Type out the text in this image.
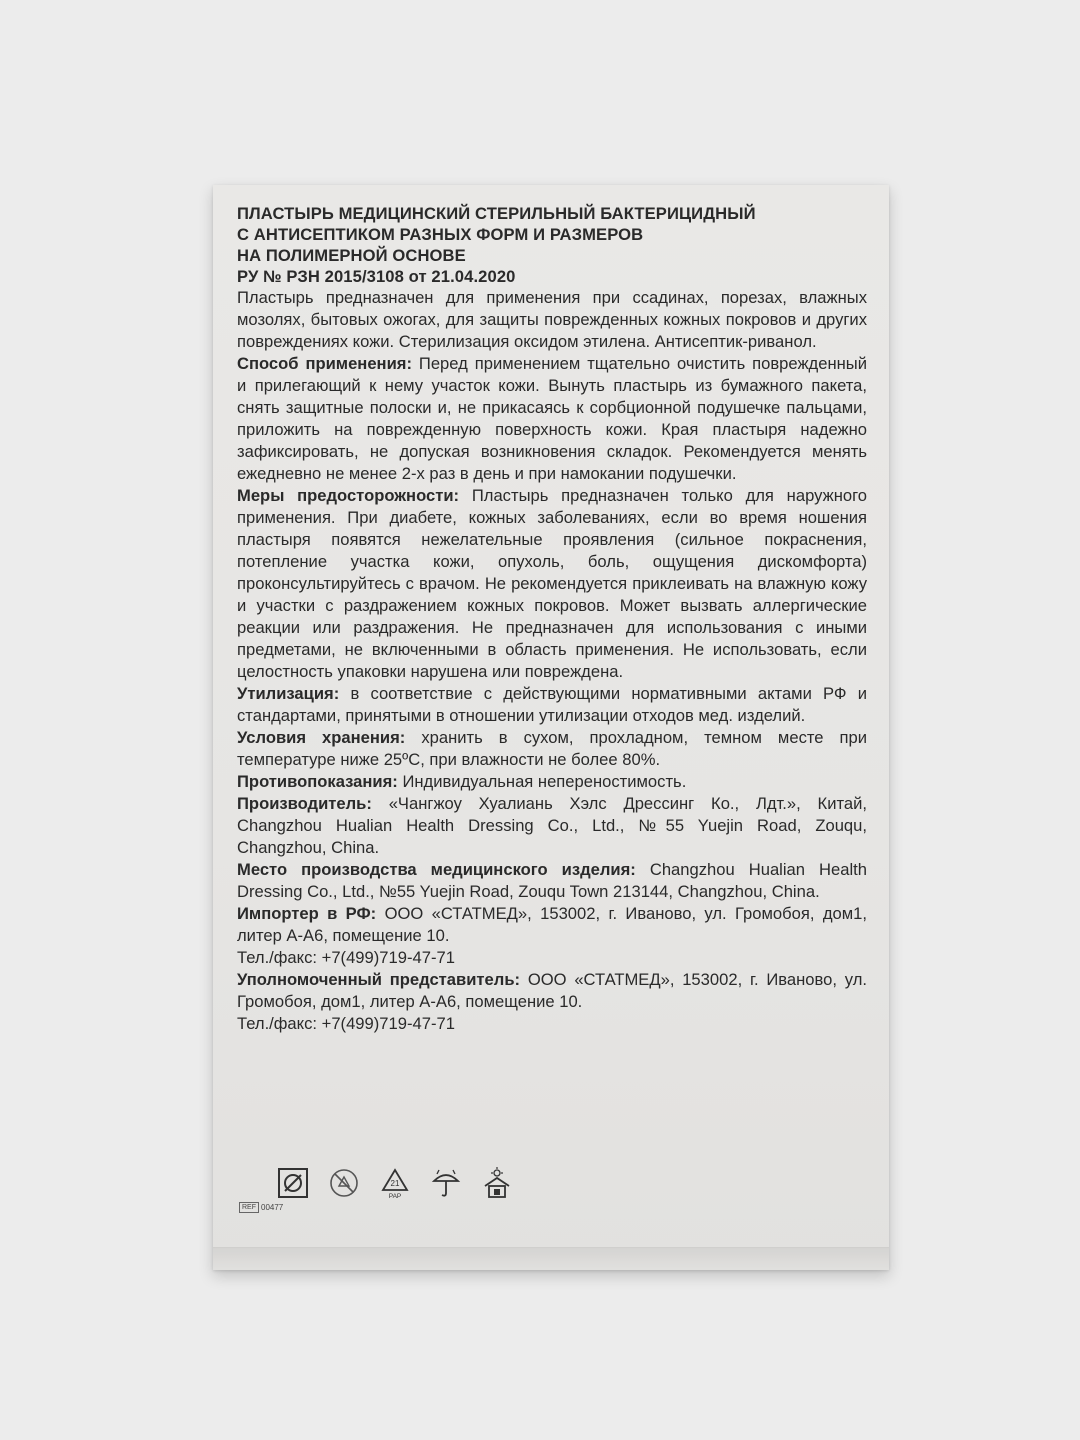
ПЛАСТЫРЬ МЕДИЦИНСКИЙ СТЕРИЛЬНЫЙ БАКТЕРИЦИДНЫЙ
С АНТИСЕПТИКОМ РАЗНЫХ ФОРМ И РАЗМЕРОВ
НА ПОЛИМЕРНОЙ ОСНОВЕ
РУ № РЗН 2015/3108 от 21.04.2020

Пластырь предназначен для применения при ссадинах, порезах, влажных мозолях, бытовых ожогах, для защиты поврежденных кожных покровов и других повреждениях кожи. Стерилизация оксидом этилена. Антисептик-риванол.

Способ применения: Перед применением тщательно очистить поврежденный и прилегающий к нему участок кожи. Вынуть пластырь из бумажного пакета, снять защитные полоски и, не прикасаясь к сорбционной подушечке пальцами, приложить на поврежденную поверхность кожи. Края пластыря надежно зафиксировать, не допуская возникновения складок. Рекомендуется менять ежедневно не менее 2-х раз в день и при намокании подушечки.

Меры предосторожности: Пластырь предназначен только для наружного применения. При диабете, кожных заболеваниях, если во время ношения пластыря появятся нежелательные проявления (сильное покраснения, потепление участка кожи, опухоль, боль, ощущения дискомфорта) проконсультируйтесь с врачом. Не рекомендуется приклеивать на влажную кожу и участки с раздражением кожных покровов. Может вызвать аллергические реакции или раздражения. Не предназначен для использования с иными предметами, не включенными в область применения. Не использовать, если целостность упаковки нарушена или повреждена.

Утилизация: в соответствие с действующими нормативными актами РФ и стандартами, принятыми в отношении утилизации отходов мед. изделий.

Условия хранения: хранить в сухом, прохладном, темном месте при температуре ниже 25ºС, при влажности не более 80%.

Противопоказания: Индивидуальная непереностимость.

Производитель: «Чангжоу Хуалиань Хэлс Дрессинг Ко., Лдт.», Китай, Changzhou Hualian Health Dressing Co., Ltd., №55 Yuejin Road, Zouqu, Changzhou, China.

Место производства медицинского изделия: Changzhou Hualian Health Dressing Co., Ltd., №55 Yuejin Road, Zouqu Town 213144, Changzhou, China.

Импортер в РФ: ООО «СТАТМЕД», 153002, г. Иваново, ул. Громобоя, дом1, литер А-А6, помещение 10.

Тел./факс: +7(499)719-47-71

Уполномоченный представитель: ООО «СТАТМЕД», 153002, г. Иваново, ул. Громобоя, дом1, литер А-А6, помещение 10.

Тел./факс: +7(499)719-47-71

21
PAP
REF 00477
